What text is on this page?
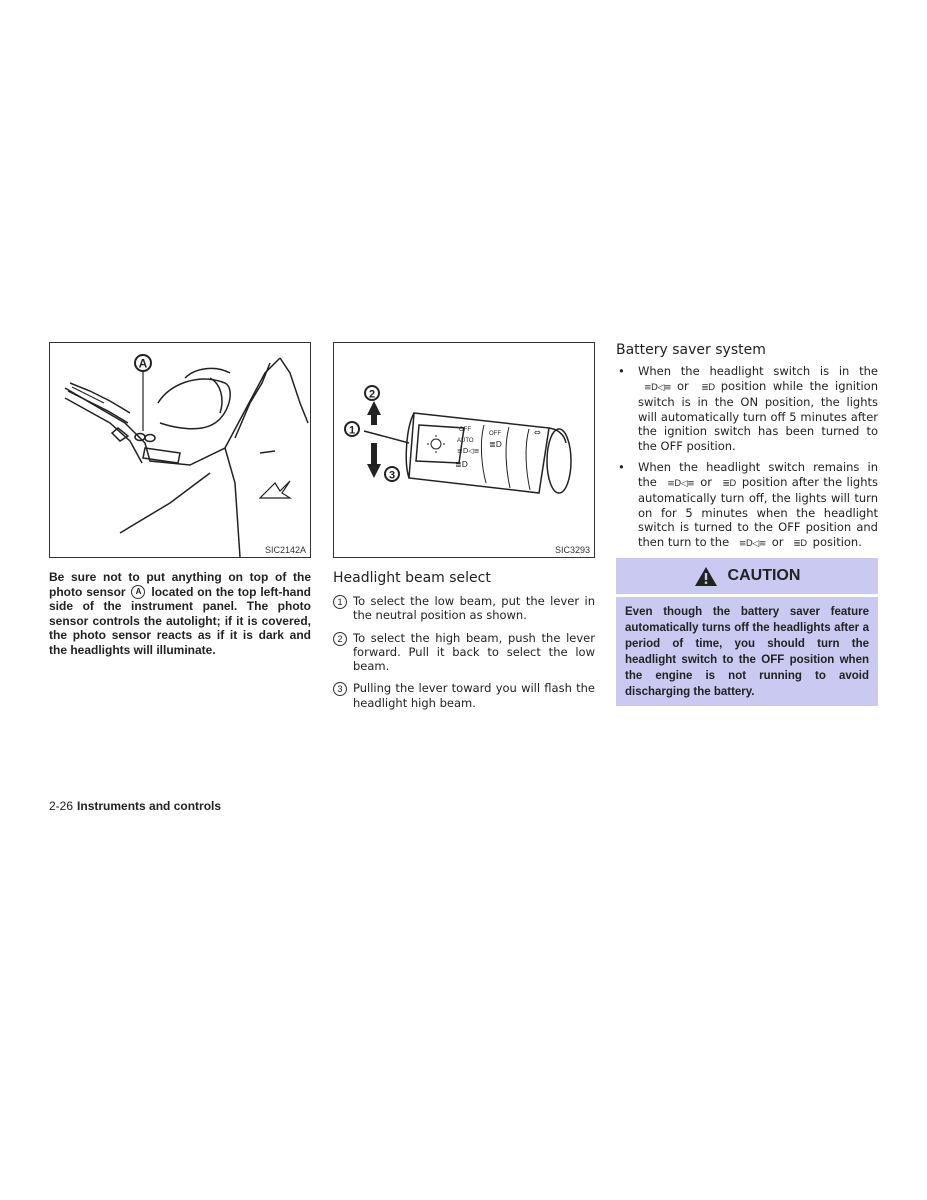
A
SIC2142A
Be sure not to put anything on top of the photo sensor A located on the top left-hand side of the instrument panel. The photo sensor controls the autolight; if it is covered, the photo sensor reacts as if it is dark and the headlights will illuminate.
OFF
AUTO
OFF
≡D◁≡
≣D
≣D
⇔
2
1
3
SIC3293
Headlight beam select
1 To select the low beam, put the lever in the neutral position as shown.
2 To select the high beam, push the lever forward. Pull it back to select the low beam.
3 Pulling the lever toward you will flash the headlight high beam.
Battery saver system
• When the headlight switch is in the ≡D◁≡ or ≣D position while the ignition switch is in the ON position, the lights will automatically turn off 5 minutes after the ignition switch has been turned to the OFF position.
• When the headlight switch remains in the ≡D◁≡ or ≣D position after the lights automatically turn off, the lights will turn on for 5 minutes when the headlight switch is turned to the OFF position and then turn to the ≡D◁≡ or ≣D position.
CAUTION
Even though the battery saver feature automatically turns off the headlights after a period of time, you should turn the headlight switch to the OFF position when the engine is not running to avoid discharging the battery.
2-26 Instruments and controls
